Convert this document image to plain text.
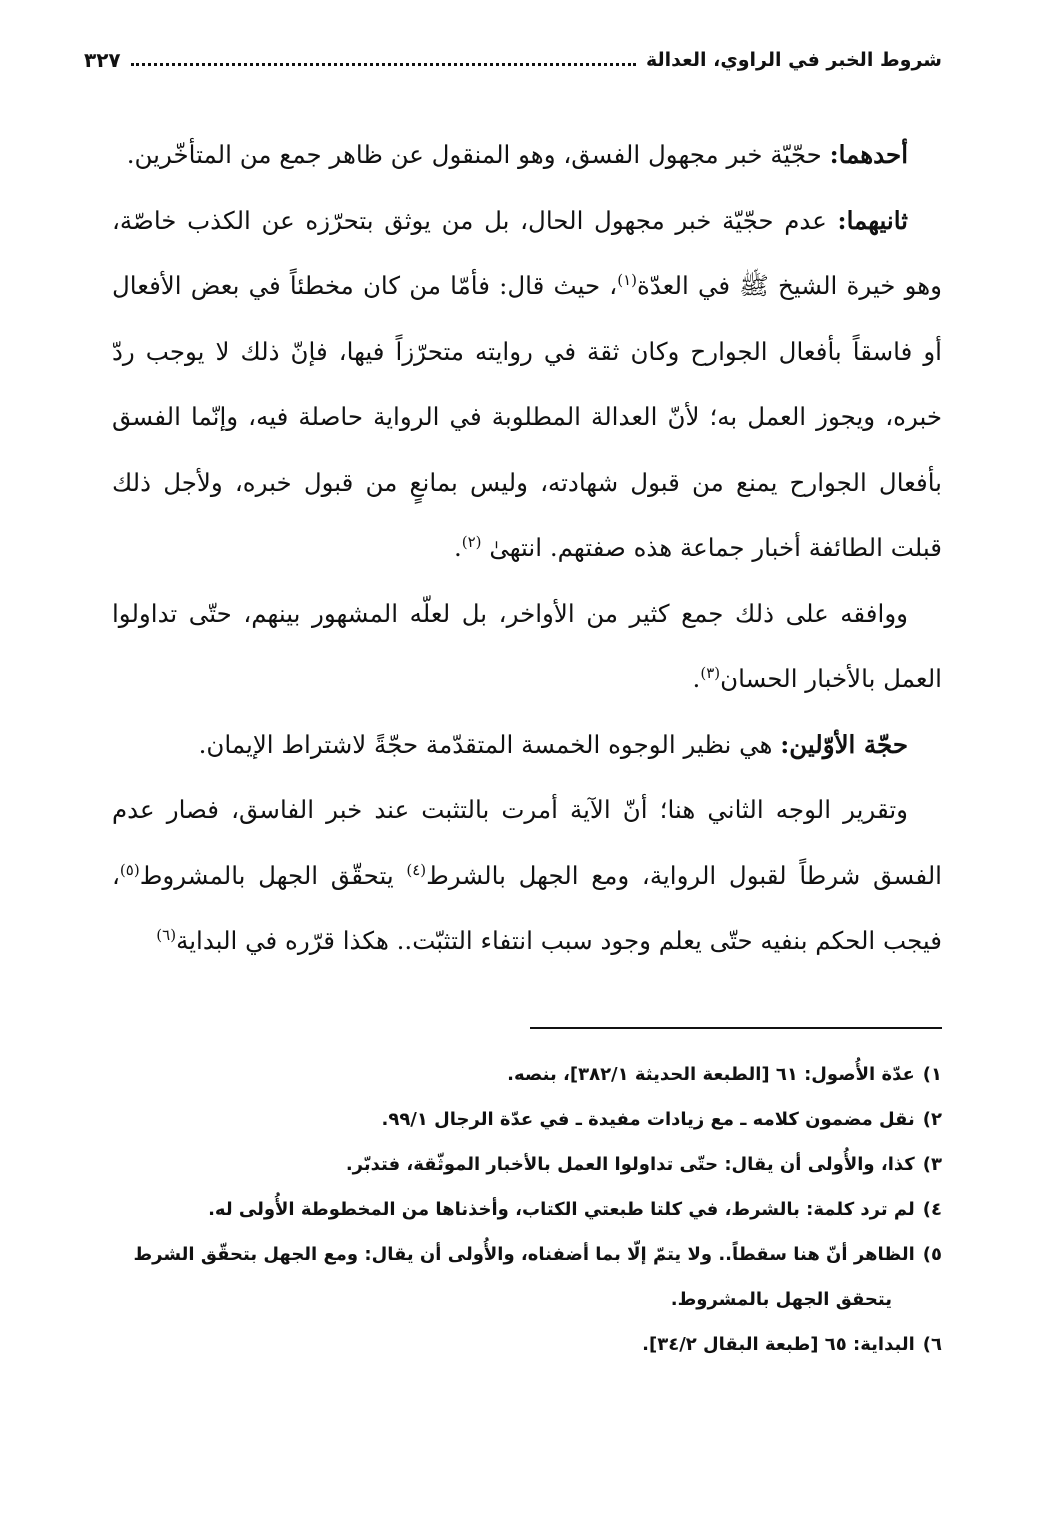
شروط الخبر في الراوي، العدالة
٣٢٧

أحدهما: حجّيّة خبر مجهول الفسق، وهو المنقول عن ظاهر جمع من المتأخّرين.

ثانيهما: عدم حجّيّة خبر مجهول الحال، بل من يوثق بتحرّزه عن الكذب خاصّة، وهو خيرة الشيخ ﷺ في العدّة$^{(١)}$، حيث قال: فأمّا من كان مخطئاً في بعض الأفعال أو فاسقاً بأفعال الجوارح وكان ثقة في روايته متحرّزاً فيها، فإنّ ذلك لا يوجب ردّ خبره، ويجوز العمل به؛ لأنّ العدالة المطلوبة في الرواية حاصلة فيه، وإنّما الفسق بأفعال الجوارح يمنع من قبول شهادته، وليس بمانعٍ من قبول خبره، ولأجل ذلك قبلت الطائفة أخبار جماعة هذه صفتهم. انتهىٰ $^{(٢)}$.

ووافقه على ذلك جمع كثير من الأواخر، بل لعلّه المشهور بينهم، حتّى تداولوا العمل بالأخبار الحسان$^{(٣)}$.

حجّة الأوّلين: هي نظير الوجوه الخمسة المتقدّمة حجّةً لاشتراط الإيمان.

وتقرير الوجه الثاني هنا؛ أنّ الآية أمرت بالتثبت عند خبر الفاسق، فصار عدم الفسق شرطاً لقبول الرواية، ومع الجهل بالشرط$^{(٤)}$ يتحقّق الجهل بالمشروط$^{(٥)}$، فيجب الحكم بنفيه حتّى يعلم وجود سبب انتفاء التثبّت.. هكذا قرّره في البداية$^{(٦)}$

١)عدّة الأُصول: ٦١ [الطبعة الحديثة ٣٨٢/١]، بنصه.

٢)نقل مضمون كلامه ـ مع زيادات مفيدة ـ في عدّة الرجال ٩٩/١.

٣)كذا، والأُولى أن يقال: حتّى تداولوا العمل بالأخبار الموثّقة، فتدبّر.

٤)لم ترد كلمة: بالشرط، في كلتا طبعتي الكتاب، وأخذناها من المخطوطة الأُولى له.

٥)الظاهر أنّ هنا سقطاً.. ولا يتمّ إلّا بما أضفناه، والأُولى أن يقال: ومع الجهل بتحقّق الشرط
يتحقق الجهل بالمشروط.

٦)البداية: ٦٥ [طبعة البقال ٣٤/٢].
